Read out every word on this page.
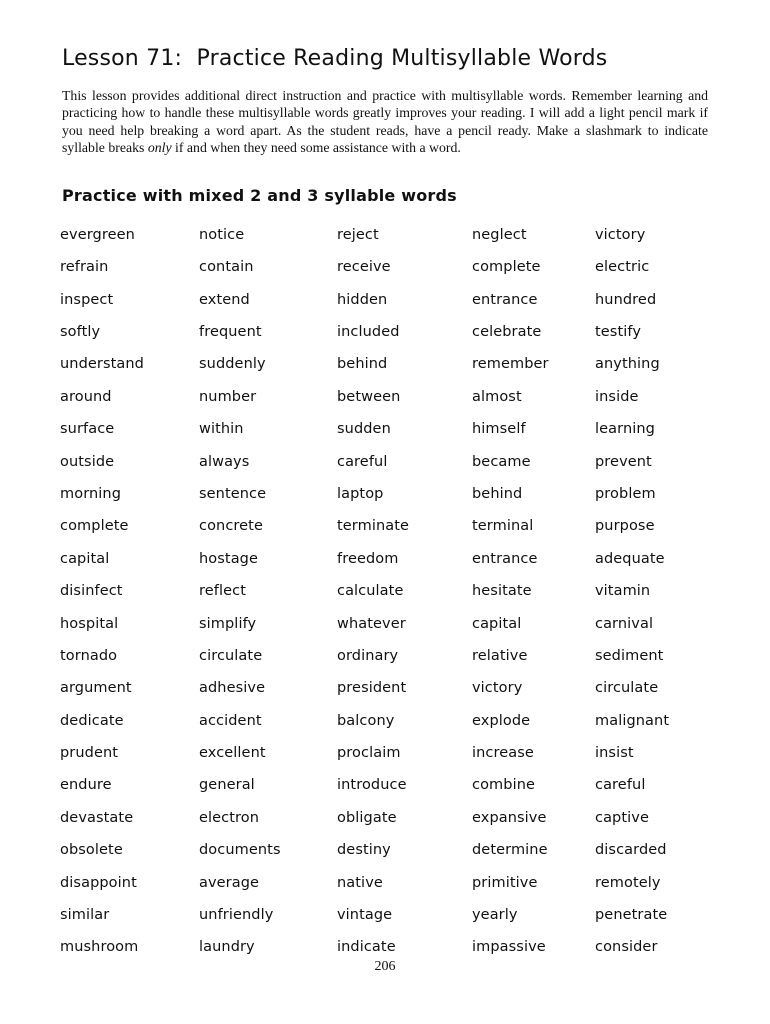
Lesson 71:  Practice Reading Multisyllable Words

This lesson provides additional direct instruction and practice with multisyllable words. Remember learning and practicing how to handle these multisyllable words greatly improves your reading. I will add a light pencil mark if you need help breaking a word apart. As the student reads, have a pencil ready. Make a slashmark to indicate syllable breaks only if and when they need some assistance with a word.

Practice with mixed 2 and 3 syllable words
evergreen	notice	reject	neglect	victory
refrain	contain	receive	complete	electric
inspect	extend	hidden	entrance	hundred
softly	frequent	included	celebrate	testify
understand	suddenly	behind	remember	anything
around	number	between	almost	inside
surface	within	sudden	himself	learning
outside	always	careful	became	prevent
morning	sentence	laptop	behind	problem
complete	concrete	terminate	terminal	purpose
capital	hostage	freedom	entrance	adequate
disinfect	reflect	calculate	hesitate	vitamin
hospital	simplify	whatever	capital	carnival
tornado	circulate	ordinary	relative	sediment
argument	adhesive	president	victory	circulate
dedicate	accident	balcony	explode	malignant
prudent	excellent	proclaim	increase	insist
endure	general	introduce	combine	careful
devastate	electron	obligate	expansive	captive
obsolete	documents	destiny	determine	discarded
disappoint	average	native	primitive	remotely
similar	unfriendly	vintage	yearly	penetrate
mushroom	laundry	indicate	impassive	consider
206
